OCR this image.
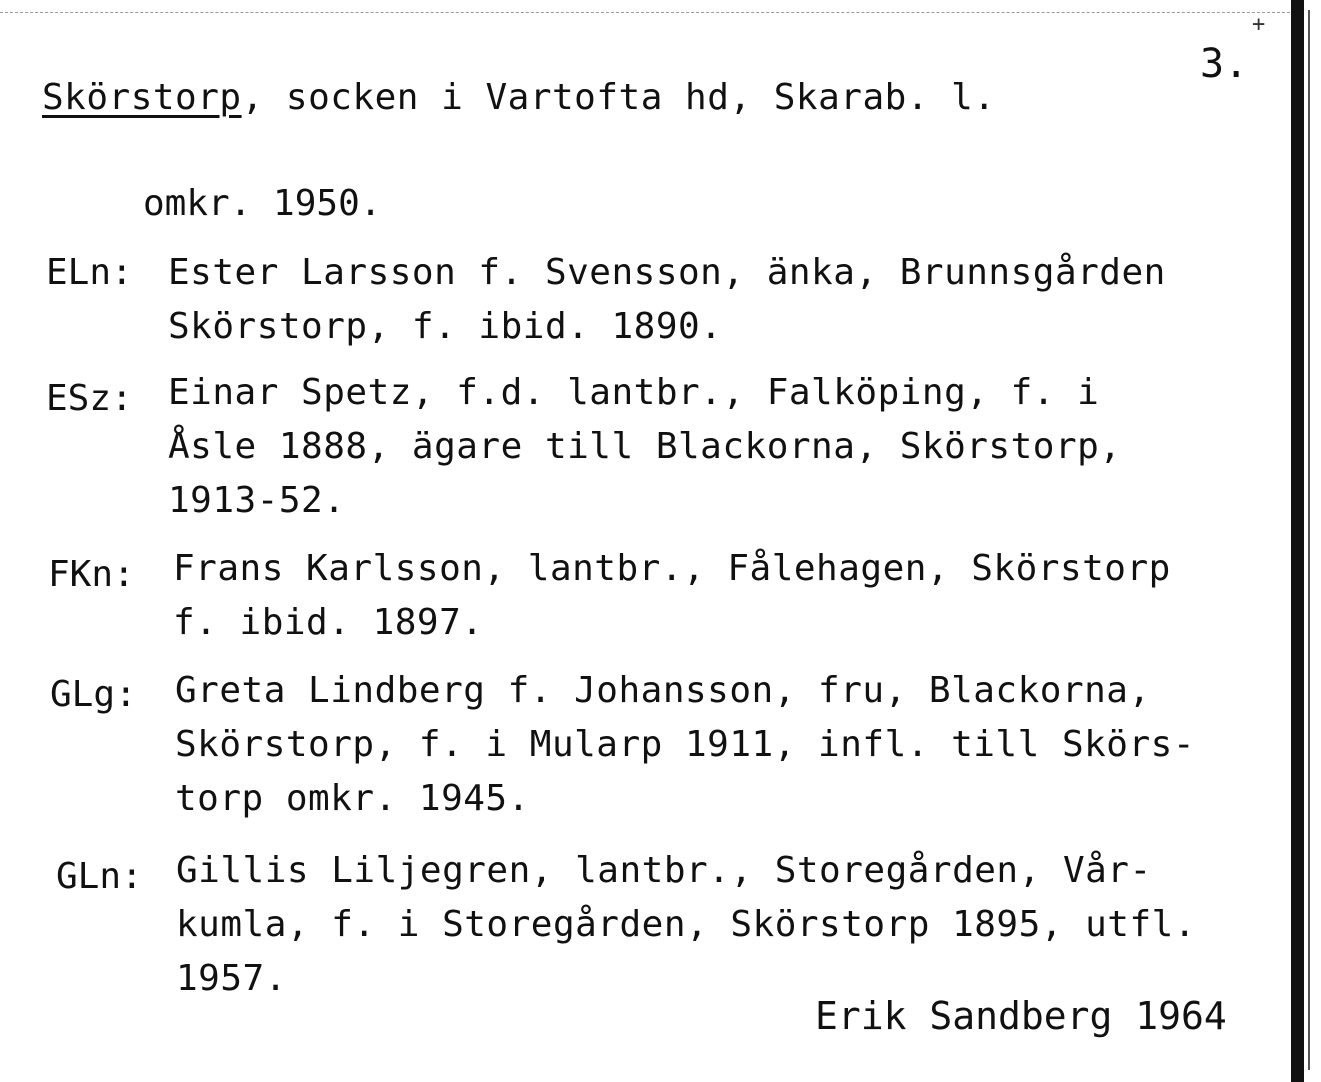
+
3.
Skörstorp, socken i Vartofta hd, Skarab. l.
omkr. 1950.
ELn: Ester Larsson f. Svensson, änka, Brunnsgården
Skörstorp, f. ibid. 1890.
ESz: Einar Spetz, f.d. lantbr., Falköping, f. i
Åsle 1888, ägare till Blackorna, Skörstorp,
1913-52.
FKn: Frans Karlsson, lantbr., Fålehagen, Skörstorp
f. ibid. 1897.
GLg: Greta Lindberg f. Johansson, fru, Blackorna,
Skörstorp, f. i Mularp 1911, infl. till Skörs-
torp omkr. 1945.
GLn: Gillis Liljegren, lantbr., Storegården, Vår-
kumla, f. i Storegården, Skörstorp 1895, utfl.
1957.
Erik Sandberg 1964
